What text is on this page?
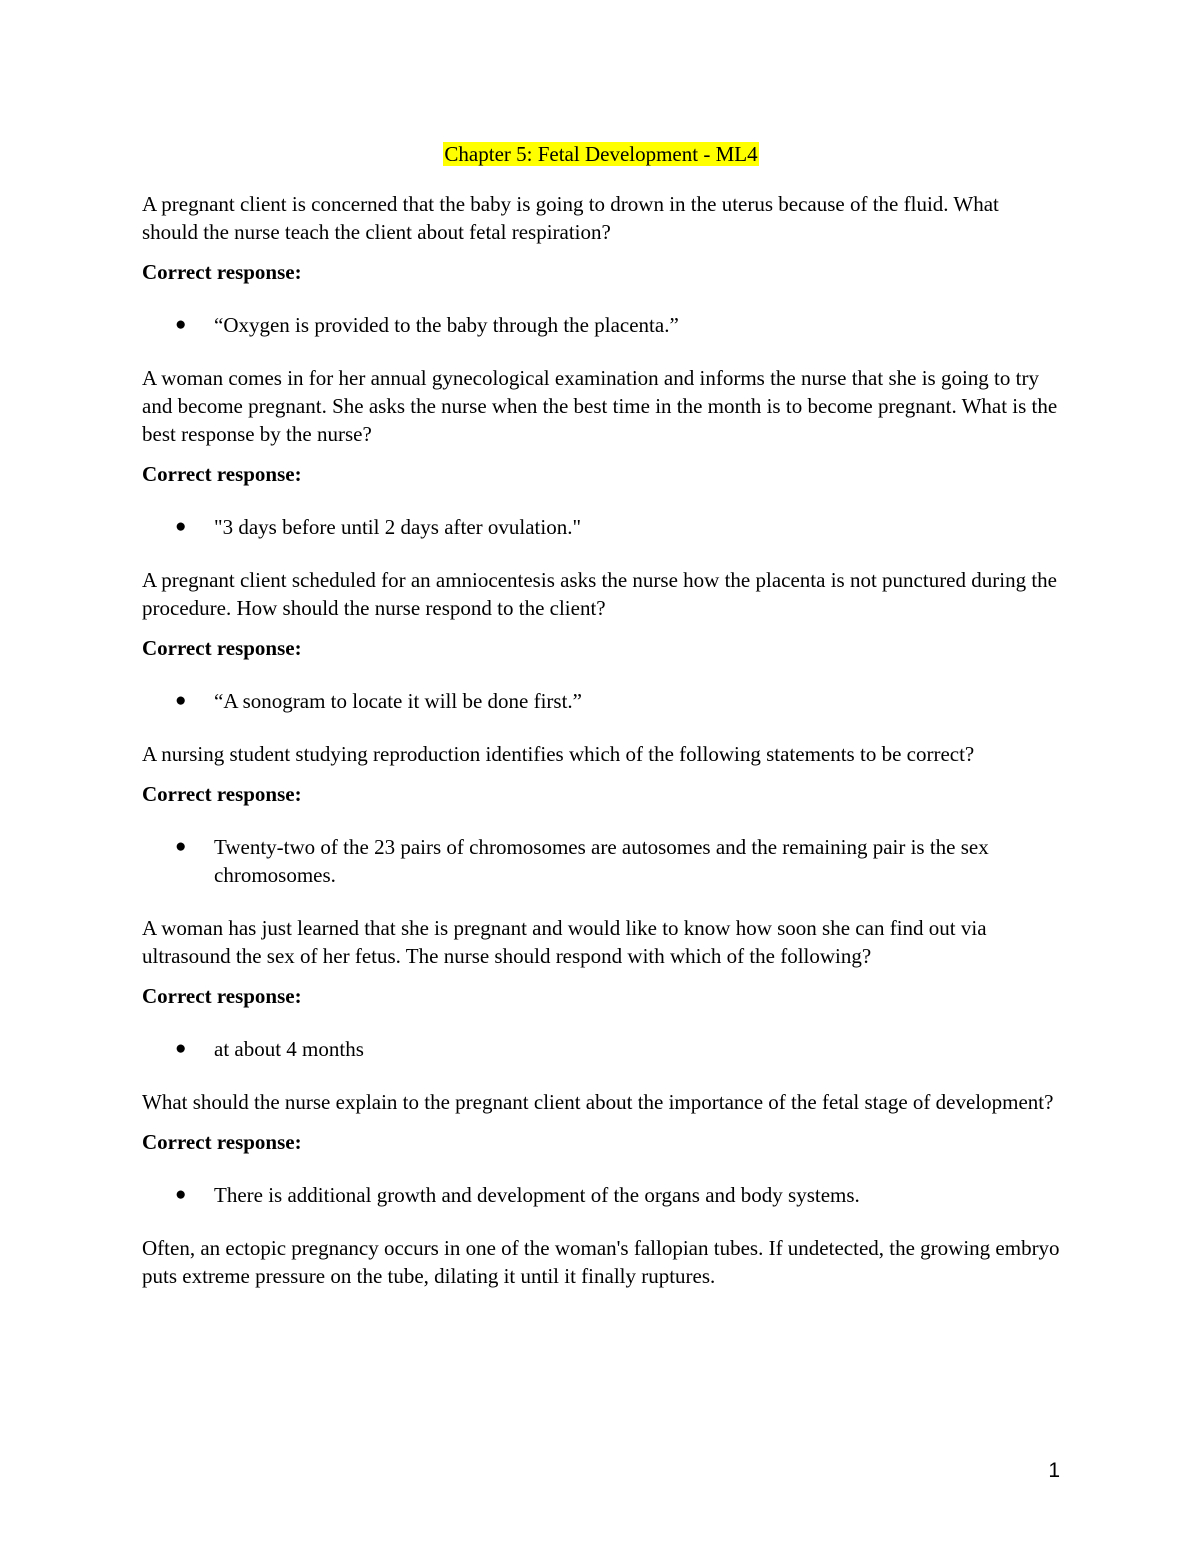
Chapter 5: Fetal Development - ML4

A pregnant client is concerned that the baby is going to drown in the uterus because of the fluid. What should the nurse teach the client about fetal respiration?

Correct response:

● “Oxygen is provided to the baby through the placenta.”

A woman comes in for her annual gynecological examination and informs the nurse that she is going to try and become pregnant. She asks the nurse when the best time in the month is to become pregnant. What is the best response by the nurse?

Correct response:

● "3 days before until 2 days after ovulation."

A pregnant client scheduled for an amniocentesis asks the nurse how the placenta is not punctured during the procedure. How should the nurse respond to the client?

Correct response:

● “A sonogram to locate it will be done first.”

A nursing student studying reproduction identifies which of the following statements to be correct?

Correct response:

● Twenty-two of the 23 pairs of chromosomes are autosomes and the remaining pair is the sex chromosomes.

A woman has just learned that she is pregnant and would like to know how soon she can find out via ultrasound the sex of her fetus. The nurse should respond with which of the following?

Correct response:

● at about 4 months

What should the nurse explain to the pregnant client about the importance of the fetal stage of development?

Correct response:

● There is additional growth and development of the organs and body systems.

Often, an ectopic pregnancy occurs in one of the woman's fallopian tubes. If undetected, the growing embryo puts extreme pressure on the tube, dilating it until it finally ruptures.

1
